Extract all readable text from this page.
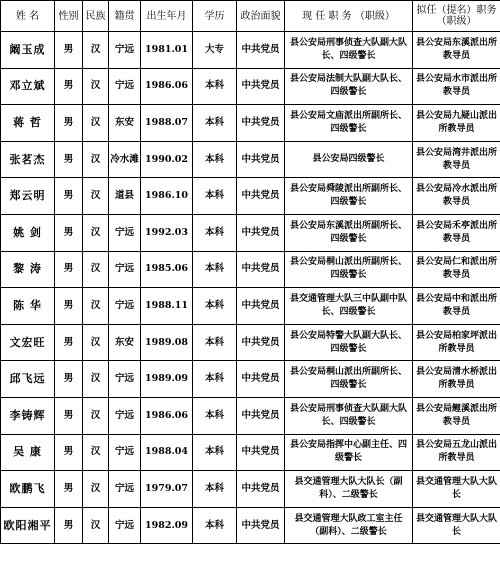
姓 名	性别	民族	籍贯	出生年月	学历	政治面貌	现 任 职 务 （职级）	拟任（提名）职务（职级）
阚玉成	男	汉	宁远	1981.01	大专	中共党员	县公安局刑事侦查大队副大队长、四级警长	县公安局东溪派出所教导员
邓立斌	男	汉	宁远	1986.06	本科	中共党员	县公安局法制大队副大队长、四级警长	县公安局水市派出所教导员
蒋 哲	男	汉	东安	1988.07	本科	中共党员	县公安局文庙派出所副所长、四级警长	县公安局九疑山派出所教导员
张茗杰	男	汉	冷水滩	1990.02	本科	中共党员	县公安局四级警长	县公安局湾井派出所教导员
郑云明	男	汉	道县	1986.10	本科	中共党员	县公安局舜陵派出所副所长、四级警长	县公安局冷水派出所教导员
姚 剑	男	汉	宁远	1992.03	本科	中共党员	县公安局东溪派出所副所长、四级警长	县公安局禾亭派出所教导员
黎 涛	男	汉	宁远	1985.06	本科	中共党员	县公安局桐山派出所副所长、四级警长	县公安局仁和派出所教导员
陈 华	男	汉	宁远	1988.11	本科	中共党员	县交通管理大队三中队副中队长、四级警长	县公安局中和派出所教导员
文宏旺	男	汉	东安	1989.08	本科	中共党员	县公安局特警大队副大队长、四级警长	县公安局柏家坪派出所教导员
邱飞远	男	汉	宁远	1989.09	本科	中共党员	县公安局桐山派出所副所长、四级警长	县公安局清水桥派出所教导员
李铸辉	男	汉	宁远	1986.06	本科	中共党员	县公安局刑事侦查大队副大队长、四级警长	县公安局鲤溪派出所教导员
吴 康	男	汉	宁远	1988.04	本科	中共党员	县公安局指挥中心副主任、四级警长	县公安局五龙山派出所教导员
欧鹏飞	男	汉	宁远	1979.07	本科	中共党员	县交通管理大队大队长（副科）、二级警长	县交通管理大队大队长
欧阳湘平	男	汉	宁远	1982.09	本科	中共党员	县交通管理大队政工室主任（副科）、二级警长	县交通管理大队大队长
